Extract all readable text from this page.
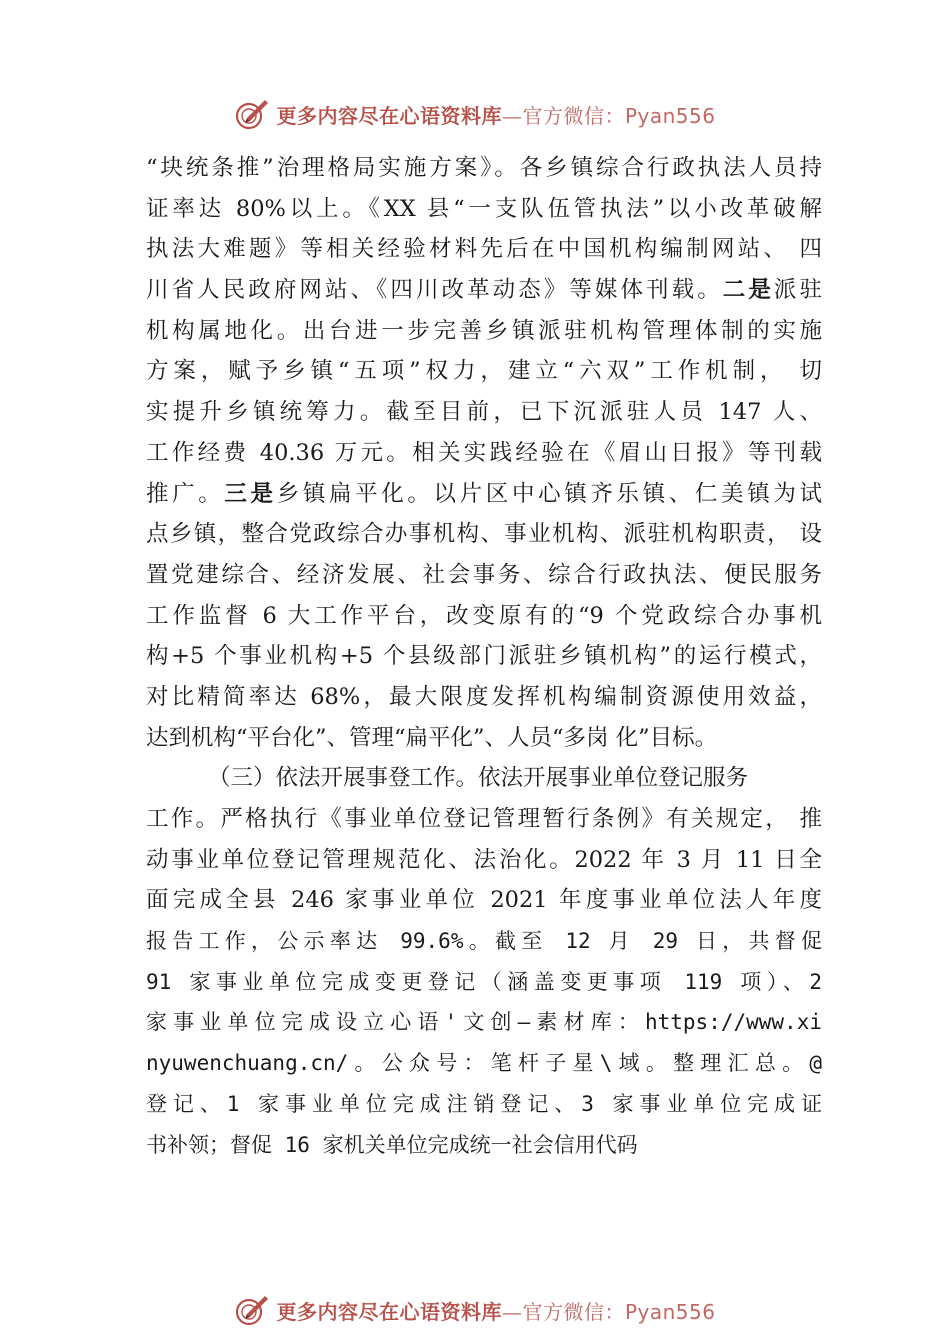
更多内容尽在心语资料库—官方微信：Pyan556
“块统条推”治理格局实施方案》。各乡镇综合行政执法人员持
证率达 80%以上。《XX 县“一支队伍管执法”以小改革破解
执法大难题》等相关经验材料先后在中国机构编制网站、 四
川省人民政府网站、《四川改革动态》等媒体刊载。二是派驻
机构属地化。出台进一步完善乡镇派驻机构管理体制的实施
方案，赋予乡镇“五项”权力，建立“六双”工作机制， 切
实提升乡镇统筹力。截至目前，已下沉派驻人员 147 人、
工作经费 40.36 万元。相关实践经验在《眉山日报》等刊载
推广。三是乡镇扁平化。以片区中心镇齐乐镇、仁美镇为试
点乡镇，整合党政综合办事机构、事业机构、派驻机构职责， 设
置党建综合、经济发展、社会事务、综合行政执法、便民服务
工作监督 6 大工作平台，改变原有的“9 个党政综合办事机
构+5 个事业机构+5 个县级部门派驻乡镇机构”的运行模式，
对比精简率达 68%，最大限度发挥机构编制资源使用效益，
达到机构“平台化”、管理“扁平化”、人员“多岗 化”目标。
（三）依法开展事登工作。依法开展事业单位登记服务
工作。严格执行《事业单位登记管理暂行条例》有关规定， 推
动事业单位登记管理规范化、法治化。2022 年 3 月 11 日全
面完成全县 246 家事业单位 2021 年度事业单位法人年度
报告工作，公示率达 99.6%。截至 12 月 29 日，共督促
91 家事业单位完成变更登记（涵盖变更事项 119 项）、2
家事业单位完成设立心语'文创—素材库：https://www.xi
nyuwenchuang.cn/。公众号：笔杆子星\域。整理汇总。@
登记、1 家事业单位完成注销登记、3 家事业单位完成证
书补领；督促 16 家机关单位完成统一社会信用代码
更多内容尽在心语资料库—官方微信：Pyan556
